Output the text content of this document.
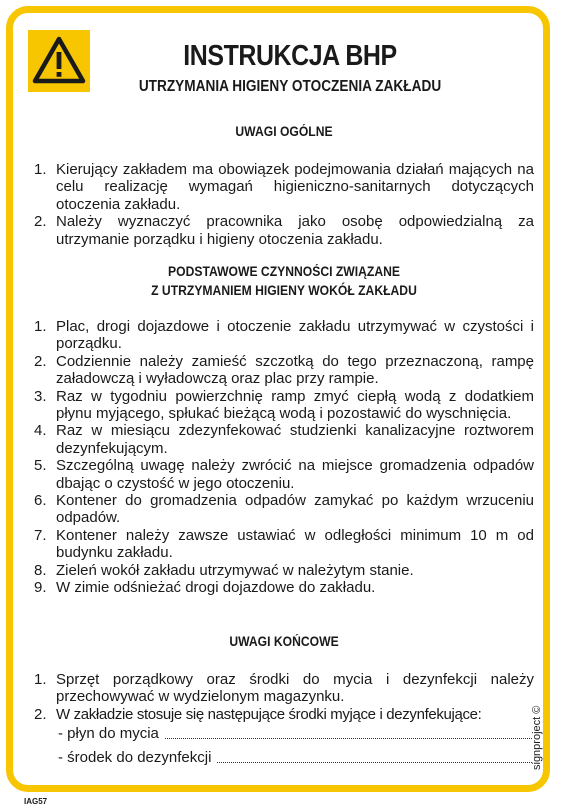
INSTRUKCJA BHP
UTRZYMANIA HIGIENY OTOCZENIA ZAKŁADU
UWAGI OGÓLNE
1. Kierujący zakładem ma obowiązek podejmowania działań mających na celu realizację wymagań higieniczno-sanitarnych dotyczących otoczenia zakładu.
2. Należy wyznaczyć pracownika jako osobę odpowiedzialną za utrzymanie porządku i higieny otoczenia zakładu.
PODSTAWOWE CZYNNOŚCI ZWIĄZANE
Z UTRZYMANIEM HIGIENY WOKÓŁ ZAKŁADU
1. Plac, drogi dojazdowe i otoczenie zakładu utrzymywać w czystości i porządku.
2. Codziennie należy zamieść szczotką do tego przeznaczoną, rampę załadowczą i wyładowczą oraz plac przy rampie.
3. Raz w tygodniu powierzchnię ramp zmyć ciepłą wodą z dodatkiem płynu myjącego, spłukać bieżącą wodą i pozostawić do wyschnięcia.
4. Raz w miesiącu zdezynfekować studzienki kanalizacyjne roztworem dezynfekującym.
5. Szczególną uwagę należy zwrócić na miejsce gromadzenia odpadów dbając o czystość w jego otoczeniu.
6. Kontener do gromadzenia odpadów zamykać po każdym wrzuceniu odpadów.
7. Kontener należy zawsze ustawiać w odległości minimum 10 m od budynku zakładu.
8. Zieleń wokół zakładu utrzymywać w należytym stanie.
9. W zimie odśnieżać drogi dojazdowe do zakładu.
UWAGI KOŃCOWE
1. Sprzęt porządkowy oraz środki do mycia i dezynfekcji należy przechowywać w wydzielonym magazynku.
2. W zakładzie stosuje się następujące środki myjące i dezynfekujące:
- płyn do mycia
- środek do dezynfekcji	signproject ©
IAG57
